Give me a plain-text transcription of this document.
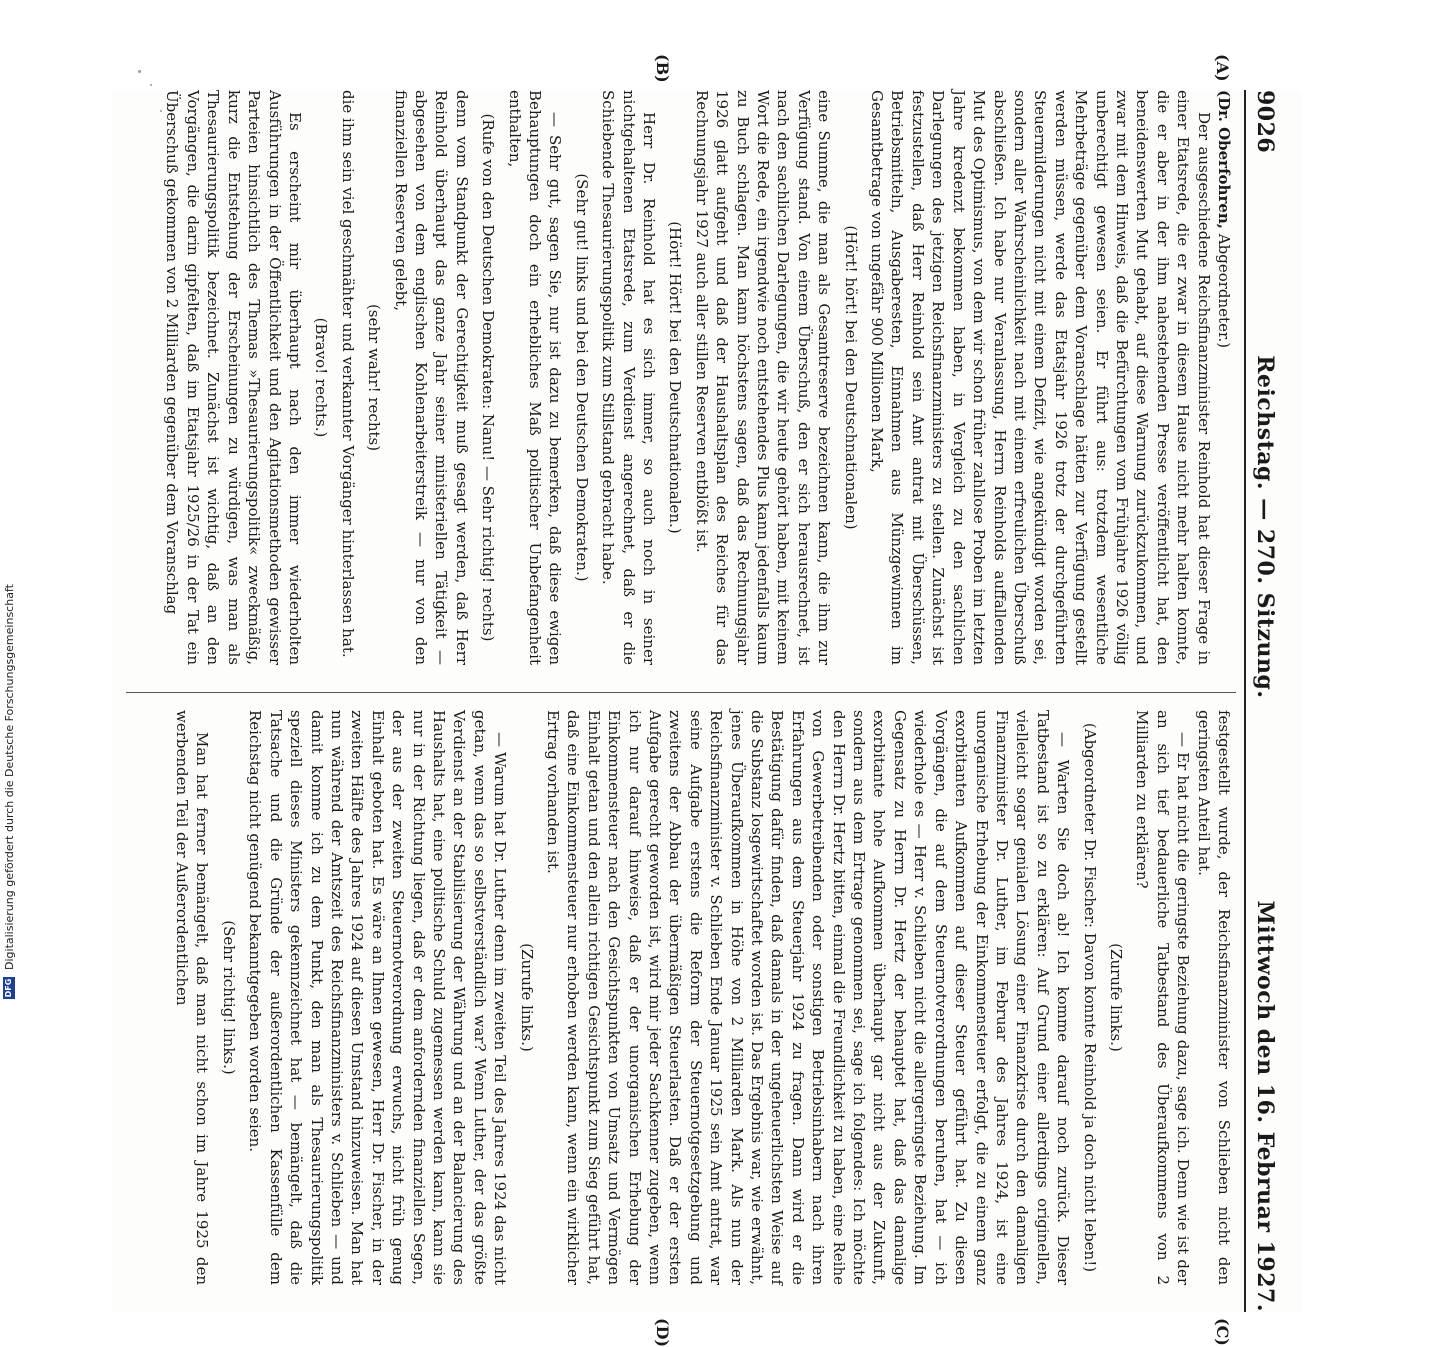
9026
Reichstag. — 270. Sitzung.
Mittwoch den 16. Februar 1927.
(A)
(B)
(C)
(D)

(Dr. Oberfohren, Abgeordneter.)

Der ausgeschiedene Reichsfinanzminister Reinhold hat dieser Frage in einer Etatsrede, die er zwar in diesem Hause nicht mehr halten konnte, die er aber in der ihm nahestehenden Presse veröffentlicht hat, den beneidenswerten Mut gehabt, auf diese Warnung zurückzukommen, und zwar mit dem Hinweis, daß die Befürchtungen vom Frühjahre 1926 völlig unberechtigt gewesen seien. Er führt aus: trotzdem wesentliche Mehrbeträge gegenüber dem Voranschlage hätten zur Verfügung gestellt werden müssen, werde das Etatsjahr 1926 trotz der durchgeführten Steuermilderungen nicht mit einem Defizit, wie angekündigt worden sei, sondern aller Wahrscheinlichkeit nach mit einem erfreulichen Überschuß abschließen. Ich habe nur Veranlassung, Herrn Reinholds auffallenden Mut des Optimismus, von dem wir schon früher zahllose Proben im letzten Jahre kredenzt bekommen haben, in Vergleich zu den sachlichen Darlegungen des jetzigen Reichsfinanzministers zu stellen. Zunächst ist festzustellen, daß Herr Reinhold sein Amt antrat mit Überschüssen, Betriebsmitteln, Ausgaberesten, Einnahmen aus Münzgewinnen im Gesamtbetrage von ungefähr 900 Millionen Mark,

(Hört! hört! bei den Deutschnationalen)

eine Summe, die man als Gesamtreserve bezeichnen kann, die ihm zur Verfügung stand. Von einem Überschuß, den er sich herausrechnet, ist nach den sachlichen Darlegungen, die wir heute gehört haben, mit keinem Wort die Rede, ein irgendwie noch entstehendes Plus kann jedenfalls kaum zu Buch schlagen. Man kann höchstens sagen, daß das Rechnungsjahr 1926 glatt aufgeht und daß der Haushaltsplan des Reiches für das Rechnungsjahr 1927 auch aller stillen Reserven entblößt ist.

(Hört! Hört! bei den Deutschnationalen.)

Herr Dr. Reinhold hat es sich immer, so auch noch in seiner nichtgehaltenen Etatsrede, zum Verdienst angerechnet, daß er die Schiebende Thesaurierungspolitik zum Stillstand gebracht habe.

(Sehr gut! links und bei den Deutschen Demokraten.)

— Sehr gut, sagen Sie, nur ist dazu zu bemerken, daß diese ewigen Behauptungen doch ein erhebliches Maß politischer Unbefangenheit enthalten,

(Rufe von den Deutschen Demokraten: Nanu! — Sehr richtig! rechts)

denn vom Standpunkt der Gerechtigkeit muß gesagt werden, daß Herr Reinhold überhaupt das ganze Jahr seiner ministeriellen Tätigkeit — abgesehen von dem englischen Kohlenarbeiterstreik — nur von den finanziellen Reserven gelebt,

(sehr wahr! rechts)

die ihm sein viel geschmähter und verkannter Vorgänger hinterlassen hat.

(Bravo! rechts.)

Es erscheint mir überhaupt nach den immer wiederholten Ausführungen in der Öffentlichkeit und den Agitationsmethoden gewisser Parteien hinsichtlich des Themas »Thesaurierungspolitik« zweckmäßig, kurz die Entstehung der Erscheinungen zu würdigen, was man als Thesaurierungspolitik bezeichnet. Zunächst ist wichtig, daß an den Vorgängen, die darin gipfelten, daß im Etatsjahr 1925/26 in der Tat ein Überschuß gekommen von 2 Milliarden gegenüber dem Voranschlag

festgestellt wurde, der Reichsfinanzminister von Schlieben nicht den geringsten Anteil hat.

— Er hat nicht die geringste Beziehung dazu, sage ich. Denn wie ist der an sich tief bedauerliche Tatbestand des Überaufkommens von 2 Milliarden zu erklären?

(Zurufe links.)

(Abgeordneter Dr. Fischer: Davon konnte Reinhold ja doch nicht leben!)

— Warten Sie doch ab! Ich komme darauf noch zurück. Dieser Tatbestand ist so zu erklären: Auf Grund einer allerdings originellen, vielleicht sogar genialen Lösung einer Finanzkrise durch den damaligen Finanzminister Dr. Luther, im Februar des Jahres 1924, ist eine unorganische Erhebung der Einkommensteuer erfolgt, die zu einem ganz exorbitanten Aufkommen auf dieser Steuer geführt hat. Zu diesen Vorgängen, die auf dem Steuernotverordnungen beruhen, hat — ich wiederhole es — Herr v. Schlieben nicht die allergeringste Beziehung. Im Gegensatz zu Herrn Dr. Hertz der behauptet hat, daß das damalige exorbitante hohe Aufkommen überhaupt gar nicht aus der Zukunft, sondern aus dem Ertrage genommen sei, sage ich folgendes: Ich möchte den Herrn Dr. Hertz bitten, einmal die Freundlichkeit zu haben, eine Reihe von Gewerbetreibenden oder sonstigen Betriebsinhabern nach ihren Erfahrungen aus dem Steuerjahr 1924 zu fragen. Dann wird er die Bestätigung dafür finden, daß damals in der ungeheuerlichsten Weise auf die Substanz losgewirtschaftet worden ist. Das Ergebnis war, wie erwähnt, jenes Überaufkommen in Höhe von 2 Milliarden Mark. Als nun der Reichsfinanzminister v. Schlieben Ende Januar 1925 sein Amt antrat, war seine Aufgabe erstens die Reform der Steuernotgesetzgebung und zweitens der Abbau der übermäßigen Steuerlasten. Daß er der ersten Aufgabe gerecht geworden ist, wird mir jeder Sachkenner zugeben, wenn ich nur darauf hinweise, daß er der unorganischen Erhebung der Einkommensteuer nach den Gesichtspunkten von Umsatz und Vermögen Einhalt getan und den allein richtigen Gesichtspunkt zum Sieg geführt hat, daß eine Einkommensteuer nur erhoben werden kann, wenn ein wirklicher Ertrag vorhanden ist.

(Zurufe links.)

— Warum hat Dr. Luther denn im zweiten Teil des Jahres 1924 das nicht getan, wenn das so selbstverständlich war? Wenn Luther, der das größte Verdienst an der Stabilisierung der Währung und an der Balancierung des Haushalts hat, eine politische Schuld zugemessen werden kann, kann sie nur in der Richtung liegen, daß er dem anfordernden finanziellen Segen, der aus der zweiten Steuernotverordnung erwuchs, nicht früh genug Einhalt geboten hat. Es wäre an Ihnen gewesen, Herr Dr. Fischer, in der zweiten Hälfte des Jahres 1924 auf diesen Umstand hinzuweisen. Man hat nun während der Amtszeit des Reichsfinanzministers v. Schlieben — und damit komme ich zu dem Punkt, den man als Thesaurierungspolitik speziell dieses Ministers gekennzeichnet hat — bemängelt, daß die Tatsache und die Gründe der außerordentlichen Kassenfülle dem Reichstag nicht genügend bekanntgegeben worden seien.

(Sehr richtig! links.)

Man hat ferner bemängelt, daß man nicht schon im Jahre 1925 den werbenden Teil der Außerordentlichen

DFG
Digitalisierung gefördert durch die Deutsche Forschungsgemeinschaft
